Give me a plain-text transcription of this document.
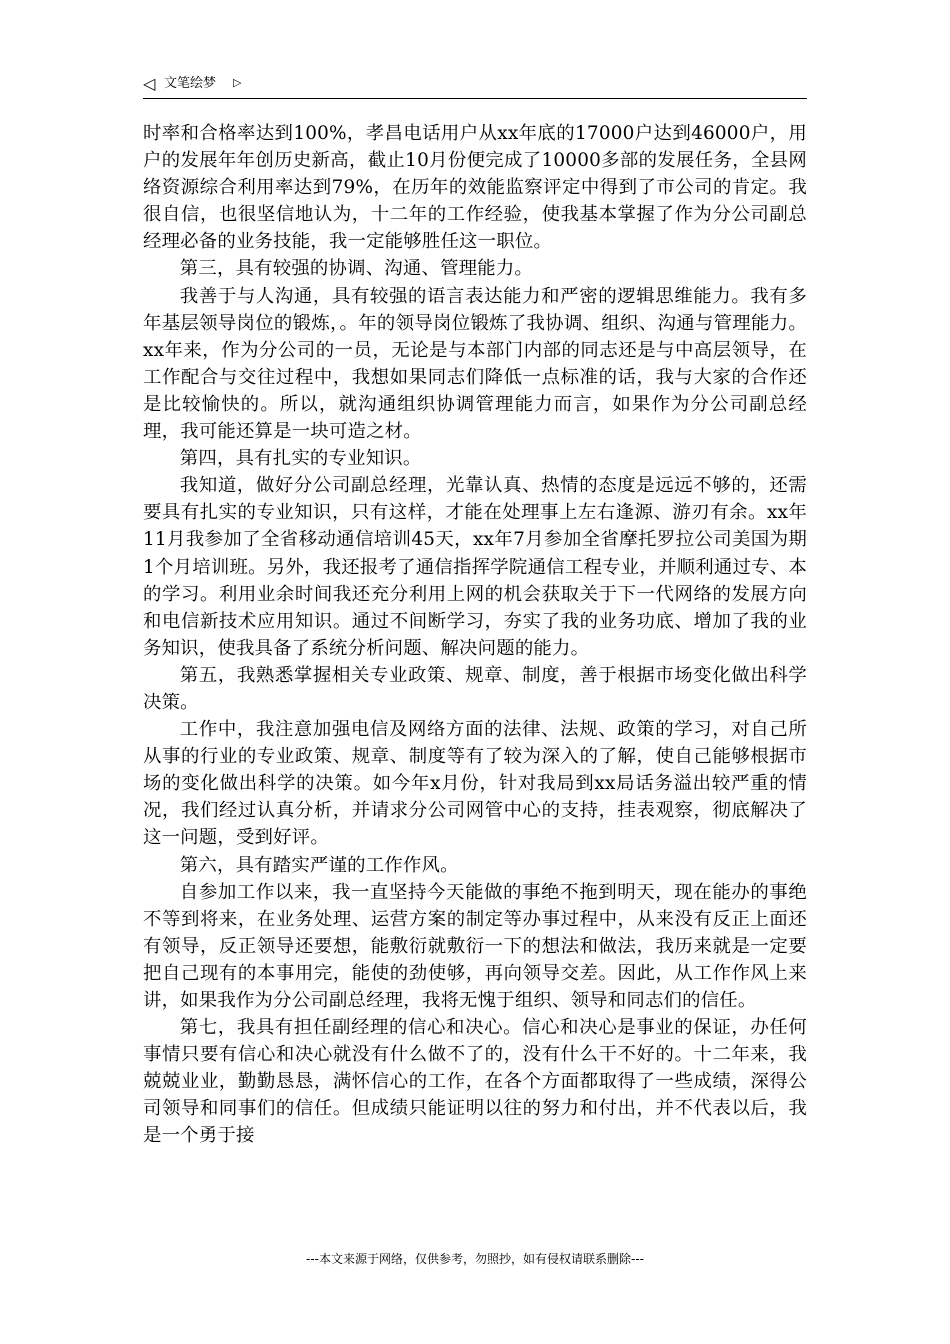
◁ 文笔绘梦 ▷

时率和合格率达到100%，孝昌电话用户从xx年底的17000户达到46000户，用户的发展年年创历史新高，截止10月份便完成了10000多部的发展任务，全县网络资源综合利用率达到79%，在历年的效能监察评定中得到了市公司的肯定。我很自信，也很坚信地认为，十二年的工作经验，使我基本掌握了作为分公司副总经理必备的业务技能，我一定能够胜任这一职位。

第三，具有较强的协调、沟通、管理能力。

我善于与人沟通，具有较强的语言表达能力和严密的逻辑思维能力。我有多年基层领导岗位的锻炼，。年的领导岗位锻炼了我协调、组织、沟通与管理能力。xx年来，作为分公司的一员，无论是与本部门内部的同志还是与中高层领导，在工作配合与交往过程中，我想如果同志们降低一点标准的话，我与大家的合作还是比较愉快的。所以，就沟通组织协调管理能力而言，如果作为分公司副总经理，我可能还算是一块可造之材。

第四，具有扎实的专业知识。

我知道，做好分公司副总经理，光靠认真、热情的态度是远远不够的，还需要具有扎实的专业知识，只有这样，才能在处理事上左右逢源、游刃有余。xx年11月我参加了全省移动通信培训45天，xx年7月参加全省摩托罗拉公司美国为期1个月培训班。另外，我还报考了通信指挥学院通信工程专业，并顺利通过专、本的学习。利用业余时间我还充分利用上网的机会获取关于下一代网络的发展方向和电信新技术应用知识。通过不间断学习，夯实了我的业务功底、增加了我的业务知识，使我具备了系统分析问题、解决问题的能力。

第五，我熟悉掌握相关专业政策、规章、制度，善于根据市场变化做出科学决策。

工作中，我注意加强电信及网络方面的法律、法规、政策的学习，对自己所从事的行业的专业政策、规章、制度等有了较为深入的了解，使自己能够根据市场的变化做出科学的决策。如今年x月份，针对我局到xx局话务溢出较严重的情况，我们经过认真分析，并请求分公司网管中心的支持，挂表观察，彻底解决了这一问题，受到好评。

第六，具有踏实严谨的工作作风。

自参加工作以来，我一直坚持今天能做的事绝不拖到明天，现在能办的事绝不等到将来，在业务处理、运营方案的制定等办事过程中，从来没有反正上面还有领导，反正领导还要想，能敷衍就敷衍一下的想法和做法，我历来就是一定要把自己现有的本事用完，能使的劲使够，再向领导交差。因此，从工作作风上来讲，如果我作为分公司副总经理，我将无愧于组织、领导和同志们的信任。

第七，我具有担任副经理的信心和决心。信心和决心是事业的保证，办任何事情只要有信心和决心就没有什么做不了的，没有什么干不好的。十二年来，我兢兢业业，勤勤恳恳，满怀信心的工作，在各个方面都取得了一些成绩，深得公司领导和同事们的信任。但成绩只能证明以往的努力和付出，并不代表以后，我是一个勇于接

---本文来源于网络，仅供参考，勿照抄，如有侵权请联系删除---
